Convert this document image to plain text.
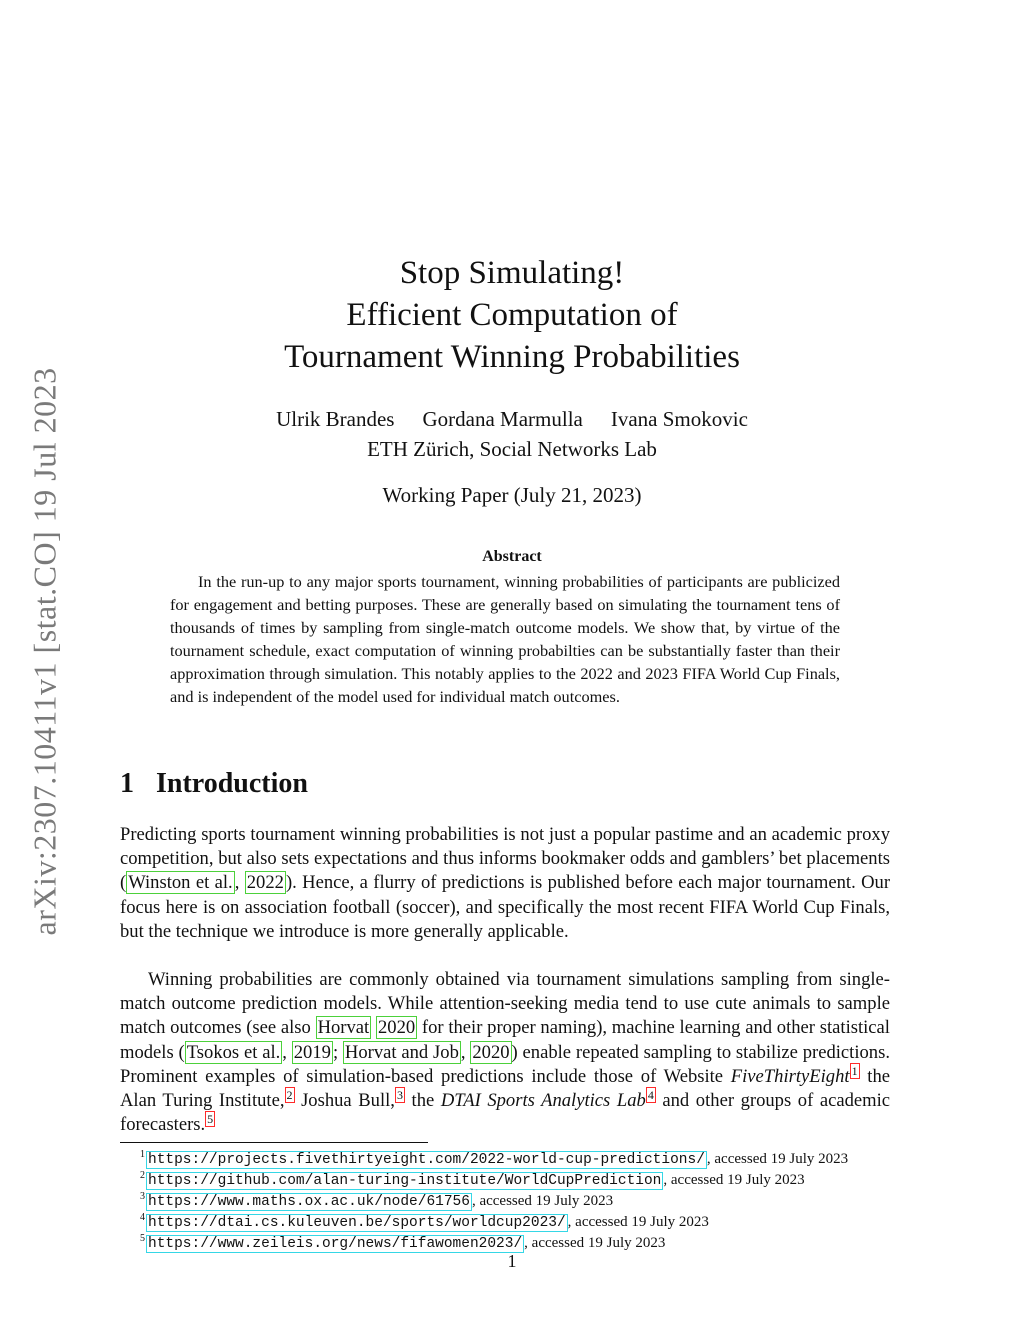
arXiv:2307.10411v1 [stat.CO] 19 Jul 2023
Stop Simulating!
Efficient Computation of
Tournament Winning Probabilities
Ulrik Brandes Gordana Marmulla Ivana Smokovic
ETH Zürich, Social Networks Lab
Working Paper (July 21, 2023)
Abstract
In the run-up to any major sports tournament, winning probabilities of participants are publicized for engagement and betting purposes. These are generally based on simulating the tournament tens of thousands of times by sampling from single-match outcome models. We show that, by virtue of the tournament schedule, exact computation of winning probabilties can be substantially faster than their approximation through simulation. This notably applies to the 2022 and 2023 FIFA World Cup Finals, and is independent of the model used for individual match outcomes.
1 Introduction
Predicting sports tournament winning probabilities is not just a popular pastime and an academic proxy competition, but also sets expectations and thus informs bookmaker odds and gamblers’ bet placements ( Winston et al. , 2022 ). Hence, a flurry of predictions is published before each major tournament. Our focus here is on association football (soccer), and specifically the most recent FIFA World Cup Finals, but the technique we introduce is more generally applicable.
Winning probabilities are commonly obtained via tournament simulations sampling from single-match outcome prediction models. While attention-seeking media tend to use cute animals to sample match outcomes (see also Horvat 2020 for their proper naming), machine learning and other statistical models ( Tsokos et al. , 2019 ; Horvat and Job , 2020 ) enable repeated sampling to stabilize predictions. Prominent examples of simulation-based predictions include those of Website FiveThirtyEight $^1$ the Alan Turing Institute, $^2$ Joshua Bull, $^3$ the DTAI Sports Analytics Lab $^4$ and other groups of academic forecasters. $^5$
$^1$ https://projects.fivethirtyeight.com/2022-world-cup-predictions/ , accessed 19 July 2023
$^2$ https://github.com/alan-turing-institute/WorldCupPrediction , accessed 19 July 2023
$^3$ https://www.maths.ox.ac.uk/node/61756 , accessed 19 July 2023
$^4$ https://dtai.cs.kuleuven.be/sports/worldcup2023/ , accessed 19 July 2023
$^5$ https://www.zeileis.org/news/fifawomen2023/ , accessed 19 July 2023
1
